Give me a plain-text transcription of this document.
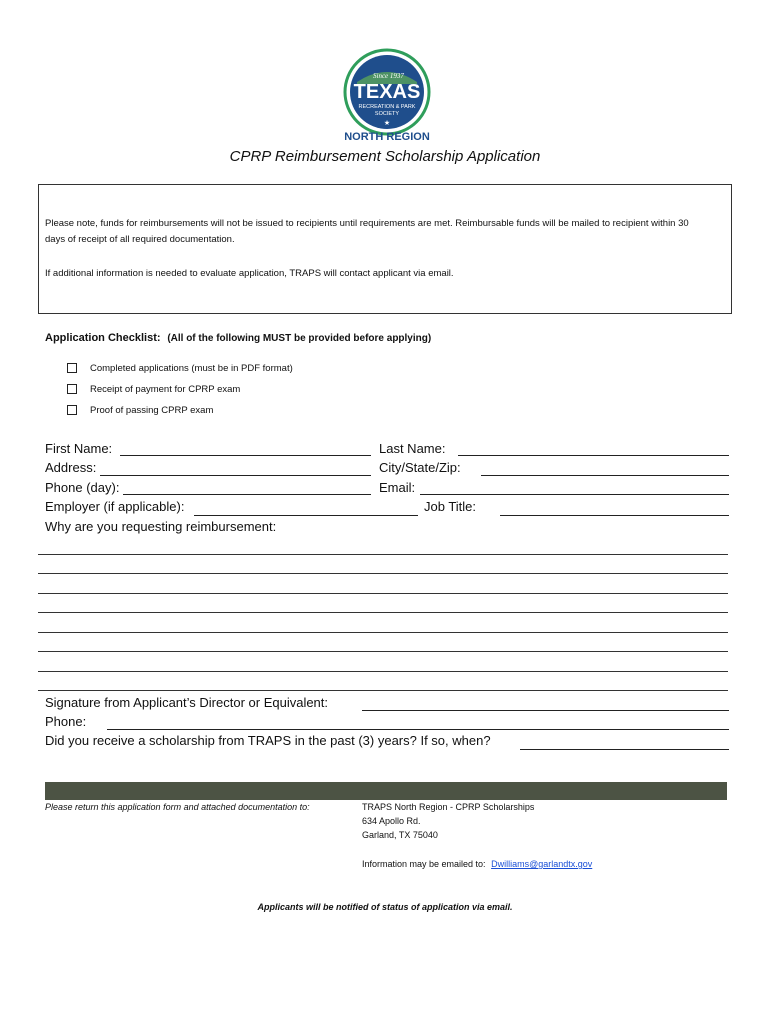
Since 1937
TEXAS
RECREATION & PARK
SOCIETY
★
NORTH REGION
CPRP Reimbursement Scholarship Application
Please note, funds for reimbursements will not be issued to recipients until requirements are met. Reimbursable funds will be mailed to recipient within 30 days of receipt of all required documentation.
If additional information is needed to evaluate application, TRAPS will contact applicant via email.
Application Checklist: (All of the following MUST be provided before applying)
Completed applications (must be in PDF format)
Receipt of payment for CPRP exam
Proof of passing CPRP exam
First Name:	Last Name:
Address:	City/State/Zip:
Phone (day):	Email:
Employer (if applicable):	Job Title:
Why are you requesting reimbursement:
Signature from Applicant’s Director or Equivalent:
Phone:
Did you receive a scholarship from TRAPS in the past (3) years? If so, when?
Please return this application form and attached documentation to:	TRAPS North Region - CPRP Scholarships
634 Apollo Rd.
Garland, TX 75040
Information may be emailed to: Dwilliams@garlandtx.gov
Applicants will be notified of status of application via email.
